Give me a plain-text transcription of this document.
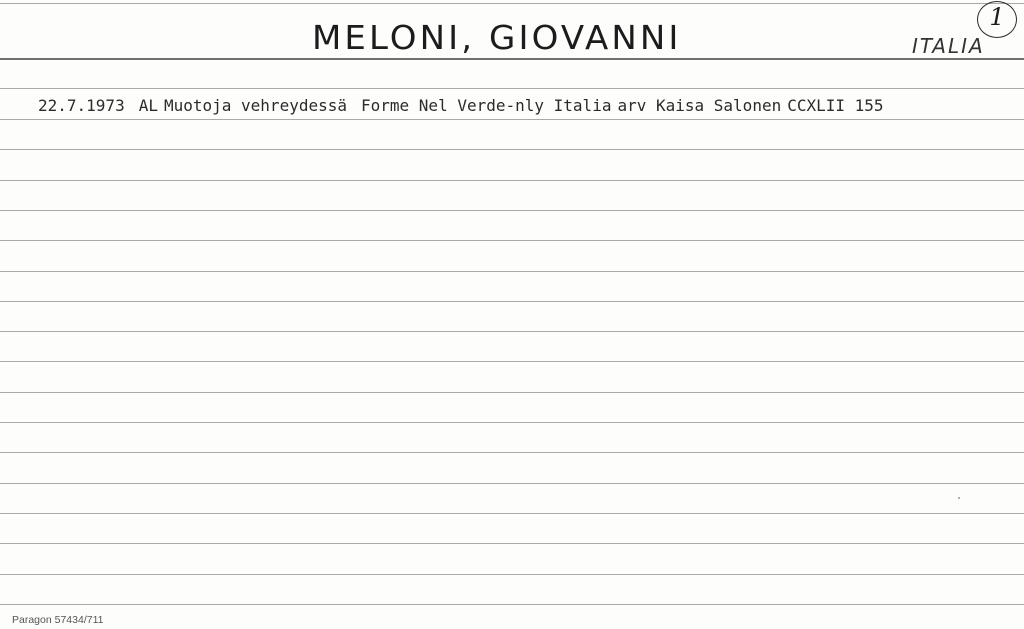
MELONI, GIOVANNI	ITALIA
1
22.7.1973 AL Muotoja vehreydessä Forme Nel Verde-nly Italia arv Kaisa Salonen CCXLII 155
Paragon 57434/711
